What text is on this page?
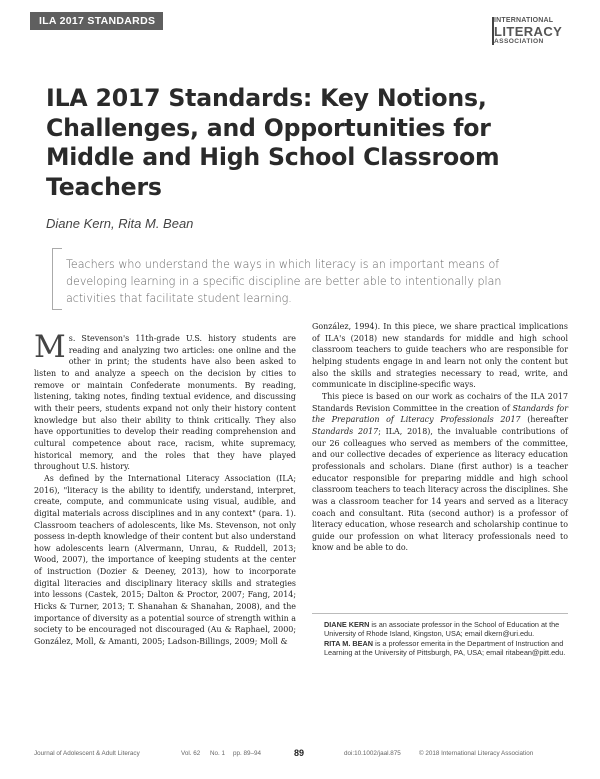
ILA 2017 STANDARDS	INTERNATIONAL
LITERACY
ASSOCIATION
ILA 2017 Standards: Key Notions, Challenges, and Opportunities for Middle and High School Classroom Teachers
Diane Kern, Rita M. Bean

Teachers who understand the ways in which literacy is an important means of developing learning in a specific discipline are better able to intentionally plan activities that facilitate student learning.

Ms. Stevenson's 11th-grade U.S. history students are reading and analyzing two articles: one online and the other in print; the students have also been asked to listen to and analyze a speech on the decision by cities to remove or maintain Confederate monuments. By reading, listening, taking notes, finding textual evidence, and discussing with their peers, students expand not only their history content knowledge but also their ability to think critically. They also have opportunities to develop their reading comprehension and cultural competence about race, racism, white supremacy, historical memory, and the roles that they have played throughout U.S. history.

As defined by the International Literacy Association (ILA; 2016), "literacy is the ability to identify, understand, interpret, create, compute, and communicate using visual, audible, and digital materials across disciplines and in any context" (para. 1). Classroom teachers of adolescents, like Ms. Stevenson, not only possess in-depth knowledge of their content but also understand how adolescents learn (Alvermann, Unrau, & Ruddell, 2013; Wood, 2007), the importance of keeping students at the center of instruction (Dozier & Deeney, 2013), how to incorporate digital literacies and disciplinary literacy skills and strategies into lessons (Castek, 2015; Dalton & Proctor, 2007; Fang, 2014; Hicks & Turner, 2013; T. Shanahan & Shanahan, 2008), and the importance of diversity as a potential source of strength within a society to be encouraged not discouraged (Au & Raphael, 2000; González, Moll, & Amanti, 2005; Ladson-Billings, 2009; Moll &

González, 1994). In this piece, we share practical implications of ILA's (2018) new standards for middle and high school classroom teachers to guide teachers who are responsible for helping students engage in and learn not only the content but also the skills and strategies necessary to read, write, and communicate in discipline-specific ways.

This piece is based on our work as cochairs of the ILA 2017 Standards Revision Committee in the creation of Standards for the Preparation of Literacy Professionals 2017 (hereafter Standards 2017; ILA, 2018), the invaluable contributions of our 26 colleagues who served as members of the committee, and our collective decades of experience as literacy education professionals and scholars. Diane (first author) is a teacher educator responsible for preparing middle and high school classroom teachers to teach literacy across the disciplines. She was a classroom teacher for 14 years and served as a literacy coach and consultant. Rita (second author) is a professor of literacy education, whose research and scholarship continue to guide our profession on what literacy professionals need to know and be able to do.

DIANE KERN is an associate professor in the School of Education at the University of Rhode Island, Kingston, USA; email dkern@uri.edu.

RITA M. BEAN is a professor emerita in the Department of Instruction and Learning at the University of Pittsburgh, PA, USA; email ritabean@pitt.edu.

Journal of Adolescent & Adult Literacy	Vol. 62 No. 1 pp. 89–94	89	doi:10.1002/jaal.875	© 2018 International Literacy Association
